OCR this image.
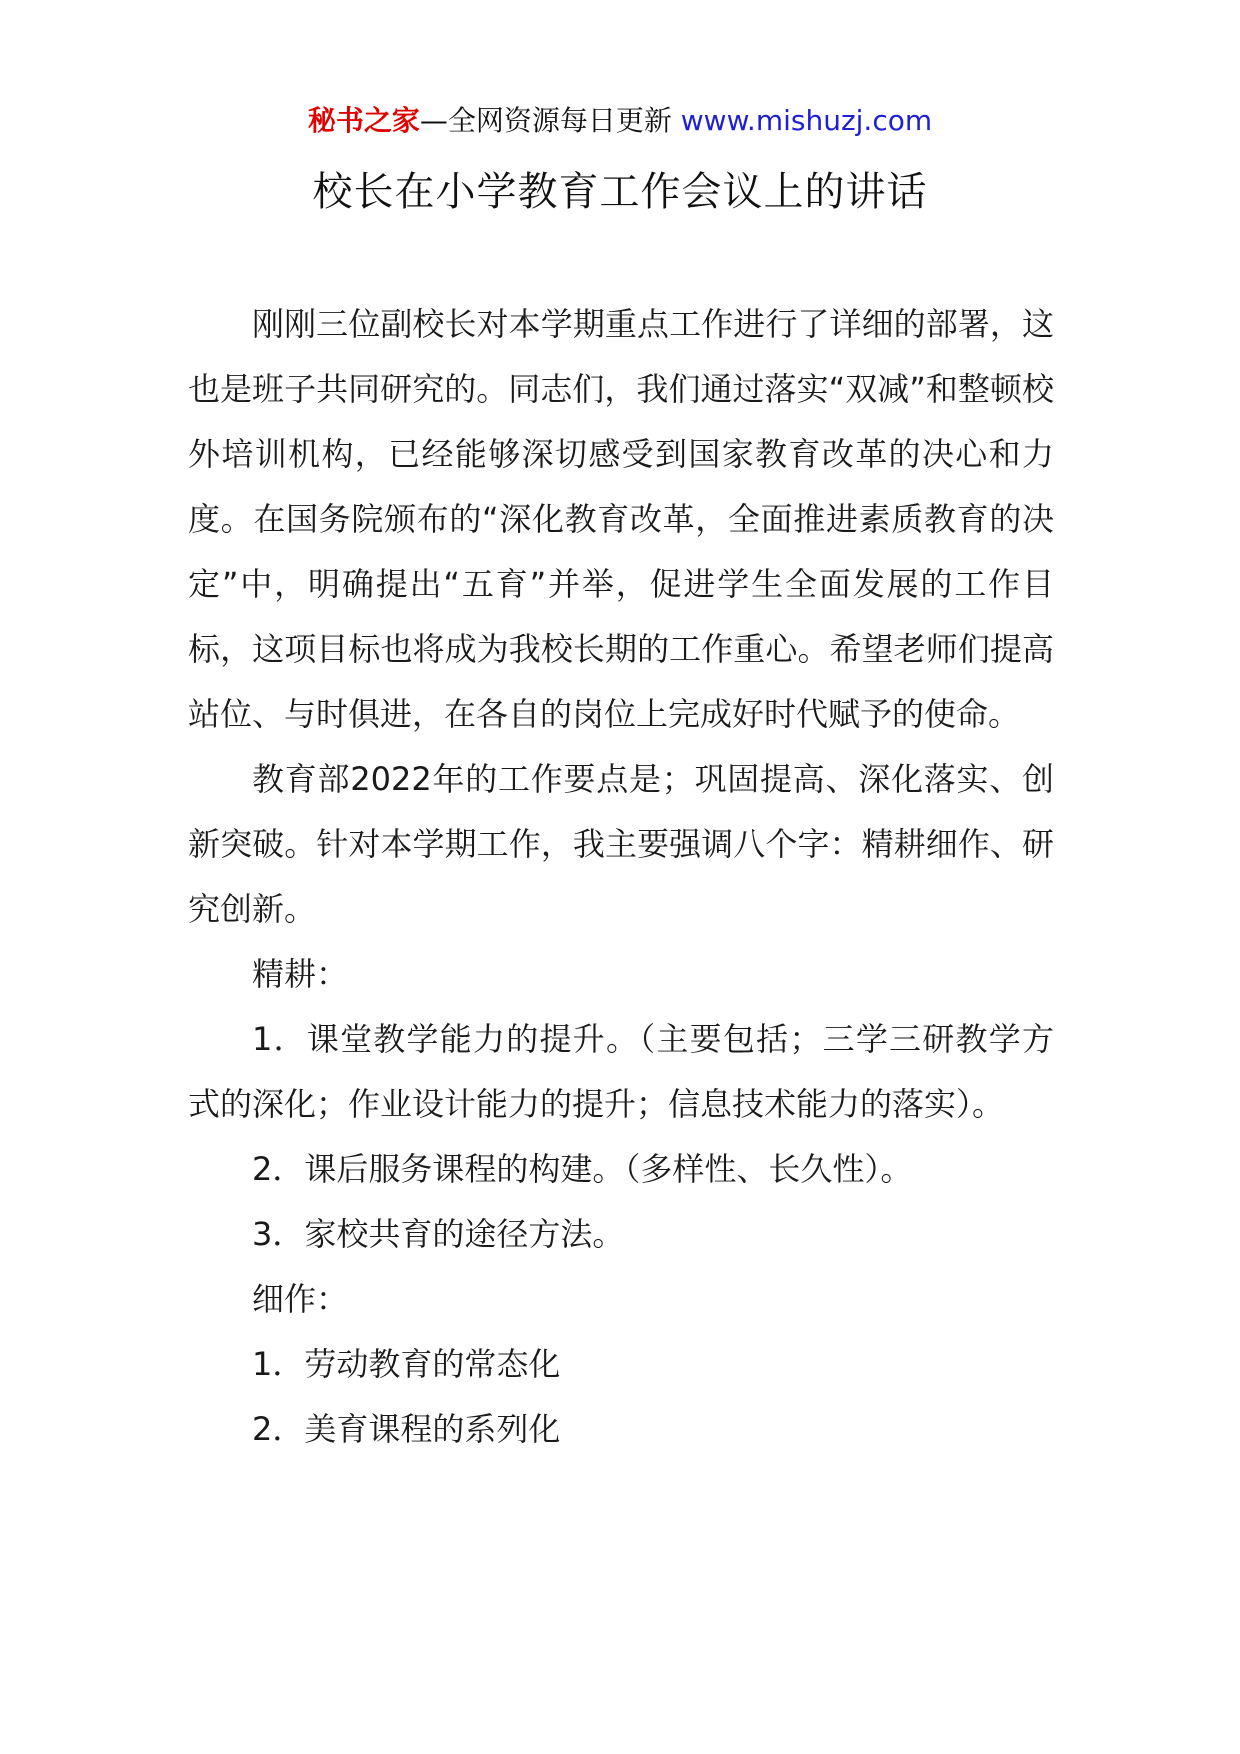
秘书之家—全网资源每日更新 www.mishuzj.com
校长在小学教育工作会议上的讲话

刚刚三位副校长对本学期重点工作进行了详细的部署，这也是班子共同研究的。同志们，我们通过落实“双减”和整顿校外培训机构，已经能够深切感受到国家教育改革的决心和力度。在国务院颁布的“深化教育改革，全面推进素质教育的决定”中，明确提出“五育”并举，促进学生全面发展的工作目标，这项目标也将成为我校长期的工作重心。希望老师们提高站位、与时俱进，在各自的岗位上完成好时代赋予的使命。

教育部2022年的工作要点是；巩固提高、深化落实、创新突破。针对本学期工作，我主要强调八个字：精耕细作、研究创新。

精耕：

1．课堂教学能力的提升。（主要包括；三学三研教学方式的深化；作业设计能力的提升；信息技术能力的落实）。

2．课后服务课程的构建。（多样性、长久性）。

3．家校共育的途径方法。

细作：

1．劳动教育的常态化

2．美育课程的系列化
